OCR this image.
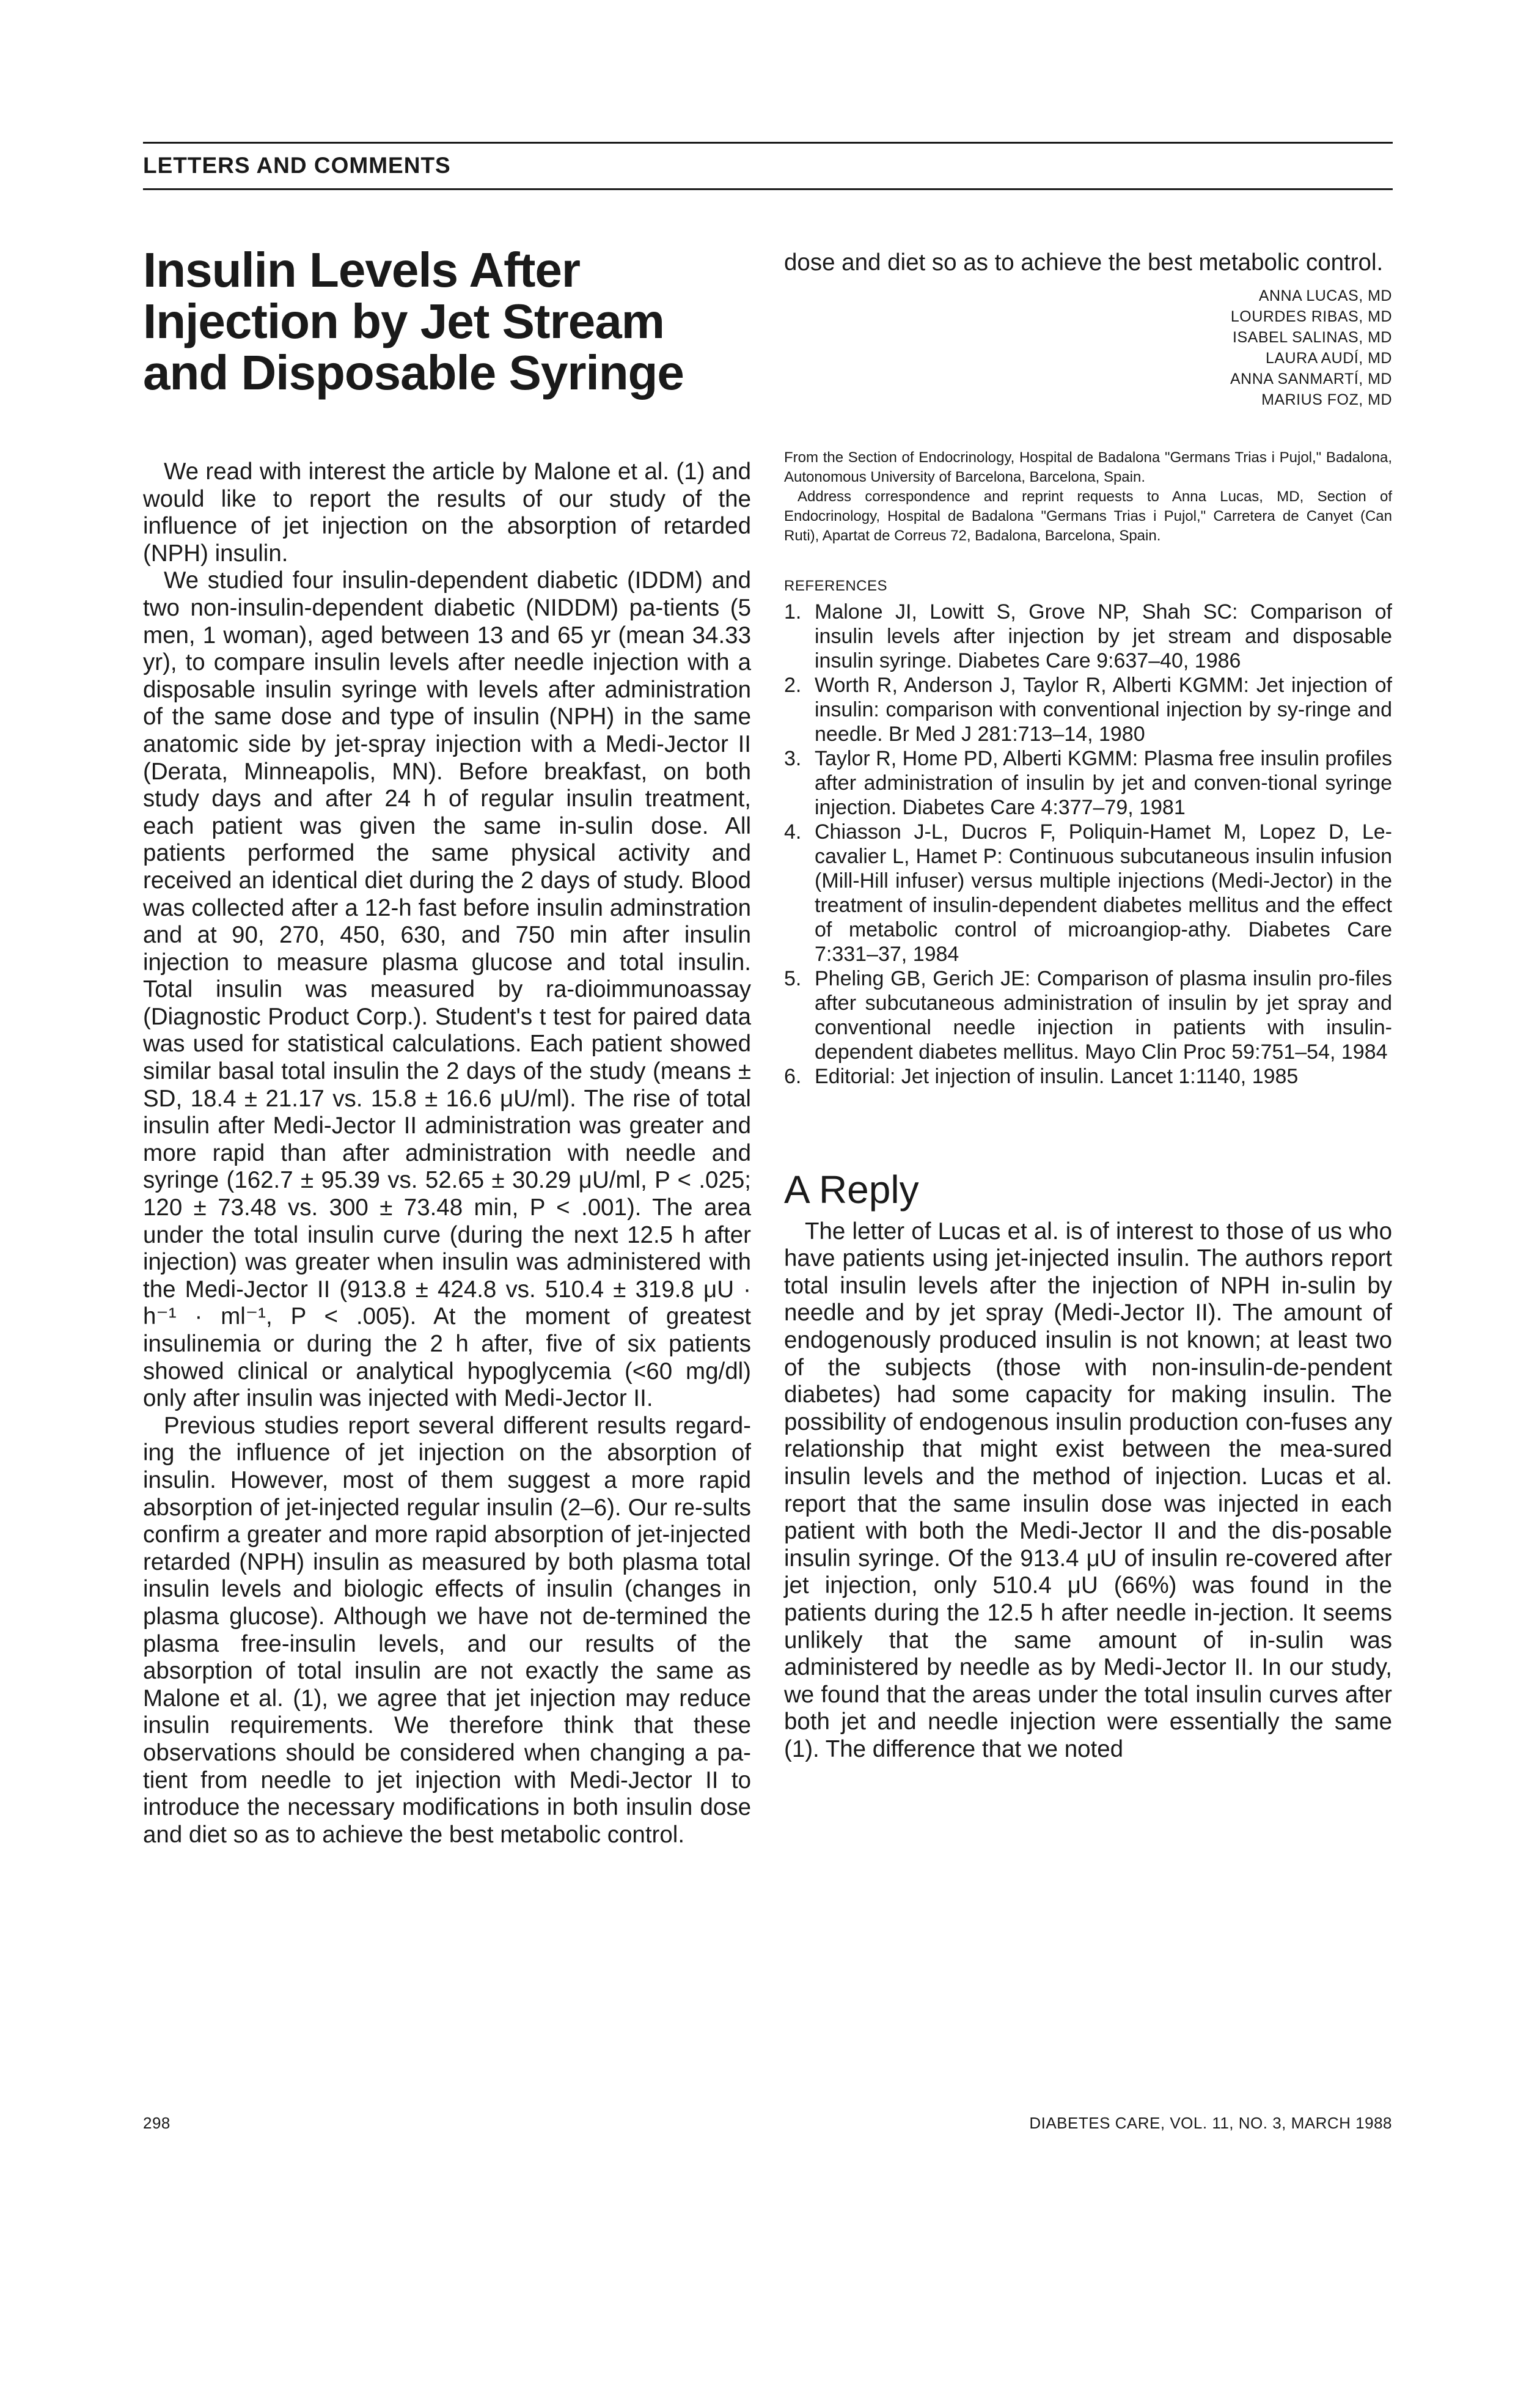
LETTERS AND COMMENTS
Insulin Levels After
Injection by Jet Stream
and Disposable Syringe

We read with interest the article by Malone et al. (1) and would like to report the results of our study of the influence of jet injection on the absorption of retarded (NPH) insulin.

We studied four insulin-dependent diabetic (IDDM) and two non-insulin-dependent diabetic (NIDDM) pa-tients (5 men, 1 woman), aged between 13 and 65 yr (mean 34.33 yr), to compare insulin levels after needle injection with a disposable insulin syringe with levels after administration of the same dose and type of insulin (NPH) in the same anatomic side by jet-spray injection with a Medi-Jector II (Derata, Minneapolis, MN). Before breakfast, on both study days and after 24 h of regular insulin treatment, each patient was given the same in-sulin dose. All patients performed the same physical activity and received an identical diet during the 2 days of study. Blood was collected after a 12-h fast before insulin adminstration and at 90, 270, 450, 630, and 750 min after insulin injection to measure plasma glucose and total insulin. Total insulin was measured by ra-dioimmunoassay (Diagnostic Product Corp.). Student's t test for paired data was used for statistical calculations. Each patient showed similar basal total insulin the 2 days of the study (means ± SD, 18.4 ± 21.17 vs. 15.8 ± 16.6 μU/ml). The rise of total insulin after Medi-Jector II administration was greater and more rapid than after administration with needle and syringe (162.7 ± 95.39 vs. 52.65 ± 30.29 μU/ml, P < .025; 120 ± 73.48 vs. 300 ± 73.48 min, P < .001). The area under the total insulin curve (during the next 12.5 h after injection) was greater when insulin was administered with the Medi-Jector II (913.8 ± 424.8 vs. 510.4 ± 319.8 μU · h⁻¹ · ml⁻¹, P < .005). At the moment of greatest insulinemia or during the 2 h after, five of six patients showed clinical or analytical hypoglycemia (<60 mg/dl) only after insulin was injected with Medi-Jector II.

Previous studies report several different results regard-ing the influence of jet injection on the absorption of insulin. However, most of them suggest a more rapid absorption of jet-injected regular insulin (2–6). Our re-sults confirm a greater and more rapid absorption of jet-injected retarded (NPH) insulin as measured by both plasma total insulin levels and biologic effects of insulin (changes in plasma glucose). Although we have not de-termined the plasma free-insulin levels, and our results of the absorption of total insulin are not exactly the same as Malone et al. (1), we agree that jet injection may reduce insulin requirements. We therefore think that these observations should be considered when changing a pa-tient from needle to jet injection with Medi-Jector II to introduce the necessary modifications in both insulin dose and diet so as to achieve the best metabolic control.

dose and diet so as to achieve the best metabolic control.

ANNA LUCAS, MD
LOURDES RIBAS, MD
ISABEL SALINAS, MD
LAURA AUDÍ, MD
ANNA SANMARTÍ, MD
MARIUS FOZ, MD

From the Section of Endocrinology, Hospital de Badalona "Germans Trias i Pujol," Badalona, Autonomous University of Barcelona, Barcelona, Spain.

Address correspondence and reprint requests to Anna Lucas, MD, Section of Endocrinology, Hospital de Badalona "Germans Trias i Pujol," Carretera de Canyet (Can Ruti), Apartat de Correus 72, Badalona, Barcelona, Spain.

REFERENCES
1. Malone JI, Lowitt S, Grove NP, Shah SC: Comparison of insulin levels after injection by jet stream and disposable insulin syringe. Diabetes Care 9:637–40, 1986
2. Worth R, Anderson J, Taylor R, Alberti KGMM: Jet injection of insulin: comparison with conventional injection by sy-ringe and needle. Br Med J 281:713–14, 1980
3. Taylor R, Home PD, Alberti KGMM: Plasma free insulin profiles after administration of insulin by jet and conven-tional syringe injection. Diabetes Care 4:377–79, 1981
4. Chiasson J-L, Ducros F, Poliquin-Hamet M, Lopez D, Le-cavalier L, Hamet P: Continuous subcutaneous insulin infusion (Mill-Hill infuser) versus multiple injections (Medi-Jector) in the treatment of insulin-dependent diabetes mellitus and the effect of metabolic control of microangiop-athy. Diabetes Care 7:331–37, 1984
5. Pheling GB, Gerich JE: Comparison of plasma insulin pro-files after subcutaneous administration of insulin by jet spray and conventional needle injection in patients with insulin-dependent diabetes mellitus. Mayo Clin Proc 59:751–54, 1984
6. Editorial: Jet injection of insulin. Lancet 1:1140, 1985
A Reply

The letter of Lucas et al. is of interest to those of us who have patients using jet-injected insulin. The authors report total insulin levels after the injection of NPH in-sulin by needle and by jet spray (Medi-Jector II). The amount of endogenously produced insulin is not known; at least two of the subjects (those with non-insulin-de-pendent diabetes) had some capacity for making insulin. The possibility of endogenous insulin production con-fuses any relationship that might exist between the mea-sured insulin levels and the method of injection. Lucas et al. report that the same insulin dose was injected in each patient with both the Medi-Jector II and the dis-posable insulin syringe. Of the 913.4 μU of insulin re-covered after jet injection, only 510.4 μU (66%) was found in the patients during the 12.5 h after needle in-jection. It seems unlikely that the same amount of in-sulin was administered by needle as by Medi-Jector II. In our study, we found that the areas under the total insulin curves after both jet and needle injection were essentially the same (1). The difference that we noted

298	DIABETES CARE, VOL. 11, NO. 3, MARCH 1988
